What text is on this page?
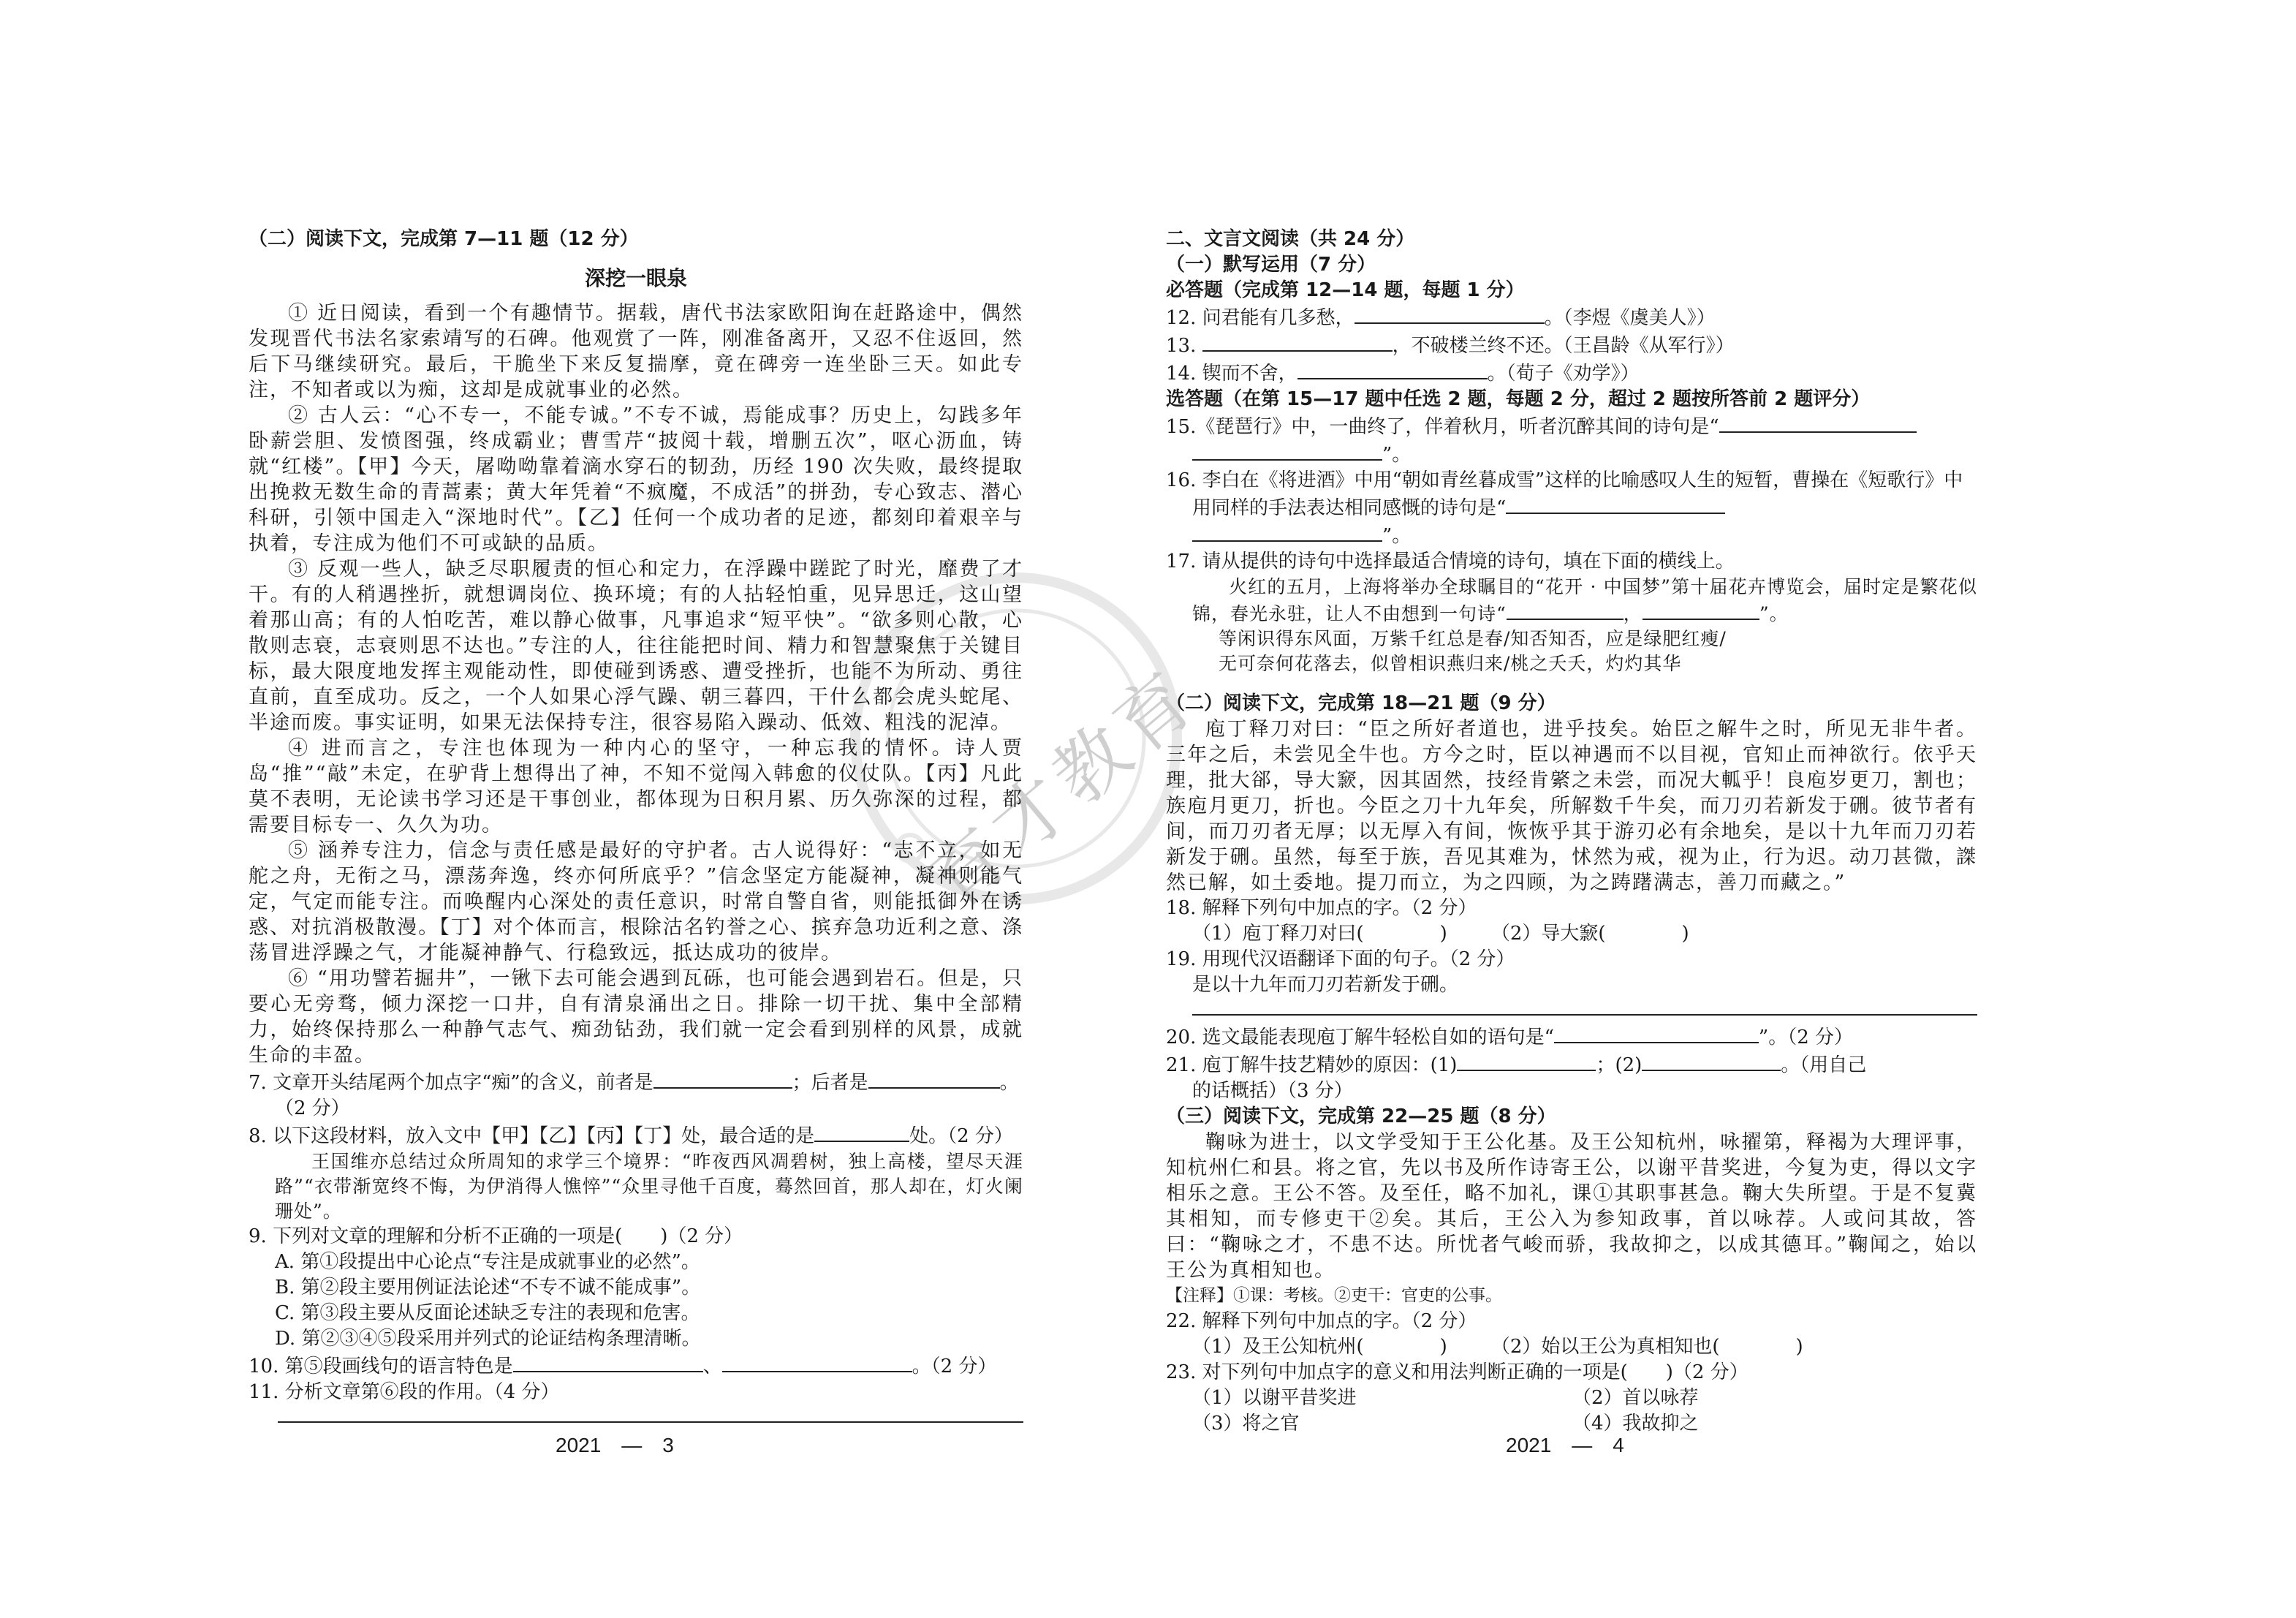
育才教育
（二）阅读下文，完成第 7—11 题（12 分）
深挖一眼泉
① 近日阅读，看到一个有趣情节。据载，唐代书法家欧阳询在赶路途中，偶然发现晋代书法名家索靖写的石碑。他观赏了一阵，刚准备离开，又忍不住返回，然后下马继续研究。最后，干脆坐下来反复揣摩，竟在碑旁一连坐卧三天。如此专注，不知者或以为痴，这却是成就事业的必然。
② 古人云：“心不专一，不能专诚。”不专不诚，焉能成事？历史上，勾践多年卧薪尝胆、发愤图强，终成霸业；曹雪芹“披阅十载，增删五次”，呕心沥血，铸就“红楼”。【甲】今天，屠呦呦靠着滴水穿石的韧劲，历经 190 次失败，最终提取出挽救无数生命的青蒿素；黄大年凭着“不疯魔，不成活”的拼劲，专心致志、潜心科研，引领中国走入“深地时代”。【乙】任何一个成功者的足迹，都刻印着艰辛与执着，专注成为他们不可或缺的品质。
③ 反观一些人，缺乏尽职履责的恒心和定力，在浮躁中蹉跎了时光，靡费了才干。有的人稍遇挫折，就想调岗位、换环境；有的人拈轻怕重，见异思迁，这山望着那山高；有的人怕吃苦，难以静心做事，凡事追求“短平快”。“欲多则心散，心散则志衰，志衰则思不达也。”专注的人，往往能把时间、精力和智慧聚焦于关键目标，最大限度地发挥主观能动性，即使碰到诱惑、遭受挫折，也能不为所动、勇往直前，直至成功。反之，一个人如果心浮气躁、朝三暮四，干什么都会虎头蛇尾、半途而废。事实证明，如果无法保持专注，很容易陷入躁动、低效、粗浅的泥淖。
④ 进而言之，专注也体现为一种内心的坚守，一种忘我的情怀。诗人贾岛“推”“敲”未定，在驴背上想得出了神，不知不觉闯入韩愈的仪仗队。【丙】凡此莫不表明，无论读书学习还是干事创业，都体现为日积月累、历久弥深的过程，都需要目标专一、久久为功。
⑤ 涵养专注力，信念与责任感是最好的守护者。古人说得好：“志不立，如无舵之舟，无衔之马，漂荡奔逸，终亦何所底乎？”信念坚定方能凝神，凝神则能气定，气定而能专注。而唤醒内心深处的责任意识，时常自警自省，则能抵御外在诱惑、对抗消极散漫。【丁】对个体而言，根除沽名钓誉之心、摈弃急功近利之意、涤荡冒进浮躁之气，才能凝神静气、行稳致远，抵达成功的彼岸。
⑥ “用功譬若掘井”，一锹下去可能会遇到瓦砾，也可能会遇到岩石。但是，只要心无旁骛，倾力深挖一口井，自有清泉涌出之日。排除一切干扰、集中全部精力，始终保持那么一种静气志气、痴劲钻劲，我们就一定会看到别样的风景，成就生命的丰盈。
7. 文章开头结尾两个加点字“痴”的含义，前者是	；后者是	。
（2 分）
8. 以下这段材料，放入文中【甲】【乙】【丙】【丁】处，最合适的是	处。（2 分）
王国维亦总结过众所周知的求学三个境界：“昨夜西风凋碧树，独上高楼，望尽天涯路”“衣带渐宽终不悔，为伊消得人憔悴”“众里寻他千百度，蓦然回首，那人却在，灯火阑珊处”。
9. 下列对文章的理解和分析不正确的一项是(　　)（2 分）
A. 第①段提出中心论点“专注是成就事业的必然”。
B. 第②段主要用例证法论述“不专不诚不能成事”。
C. 第③段主要从反面论述缺乏专注的表现和危害。
D. 第②③④⑤段采用并列式的论证结构条理清晰。
10. 第⑤段画线句的语言特色是	、	。（2 分）
11. 分析文章第⑥段的作用。（4 分）
2021　—　3
二、文言文阅读（共 24 分）
（一）默写运用（7 分）
必答题（完成第 12—14 题，每题 1 分）
12. 问君能有几多愁，	。（李煜《虞美人》）
13.	，不破楼兰终不还。（王昌龄《从军行》）
14. 锲而不舍，	。（荀子《劝学》）
选答题（在第 15—17 题中任选 2 题，每题 2 分，超过 2 题按所答前 2 题评分）
15.《琵琶行》中，一曲终了，伴着秋月，听者沉醉其间的诗句是“
”。
16. 李白在《将进酒》中用“朝如青丝暮成雪”这样的比喻感叹人生的短暂，曹操在《短歌行》中用同样的手法表达相同感慨的诗句是“
”。
17. 请从提供的诗句中选择最适合情境的诗句，填在下面的横线上。
火红的五月，上海将举办全球瞩目的“花开 · 中国梦”第十届花卉博览会，届时定是繁花似锦，春光永驻，让人不由想到一句诗“	，	”。
等闲识得东风面，万紫千红总是春/知否知否，应是绿肥红瘦/
无可奈何花落去，似曾相识燕归来/桃之夭夭，灼灼其华
（二）阅读下文，完成第 18—21 题（9 分）
庖丁释刀对曰：“臣之所好者道也，进乎技矣。始臣之解牛之时，所见无非牛者。三年之后，未尝见全牛也。方今之时，臣以神遇而不以目视，官知止而神欲行。依乎天理，批大郤，导大窾，因其固然，技经肯綮之未尝，而况大軱乎！良庖岁更刀，割也；族庖月更刀，折也。今臣之刀十九年矣，所解数千牛矣，而刀刃若新发于硎。彼节者有间，而刀刃者无厚；以无厚入有间，恢恢乎其于游刃必有余地矣，是以十九年而刀刃若新发于硎。虽然，每至于族，吾见其难为，怵然为戒，视为止，行为迟。动刀甚微，謋然已解，如土委地。提刀而立，为之四顾，为之踌躇满志，善刀而藏之。”
18. 解释下列句中加点的字。（2 分）
（1）庖丁释刀对曰(　　　　) （2）导大窾(　　　　)
19. 用现代汉语翻译下面的句子。（2 分）
是以十九年而刀刃若新发于硎。
20. 选文最能表现庖丁解牛轻松自如的语句是“	”。（2 分）
21. 庖丁解牛技艺精妙的原因：(1)	；(2)	。（用自己
的话概括）（3 分）
（三）阅读下文，完成第 22—25 题（8 分）
鞠咏为进士，以文学受知于王公化基。及王公知杭州，咏擢第，释褐为大理评事，知杭州仁和县。将之官，先以书及所作诗寄王公，以谢平昔奖进，今复为吏，得以文字相乐之意。王公不答。及至任，略不加礼，课①其职事甚急。鞠大失所望。于是不复冀其相知，而专修吏干②矣。其后，王公入为参知政事，首以咏荐。人或问其故，答曰：“鞠咏之才，不患不达。所忧者气峻而骄，我故抑之，以成其德耳。”鞠闻之，始以王公为真相知也。
【注释】①课：考核。②吏干：官吏的公事。
22. 解释下列句中加点的字。（2 分）
（1）及王公知杭州(　　　　) （2）始以王公为真相知也(　　　　)
23. 对下列句中加点字的意义和用法判断正确的一项是(　　)（2 分）
（1）以谢平昔奖进	（2）首以咏荐
（3）将之官	（4）我故抑之
2021　—　4
